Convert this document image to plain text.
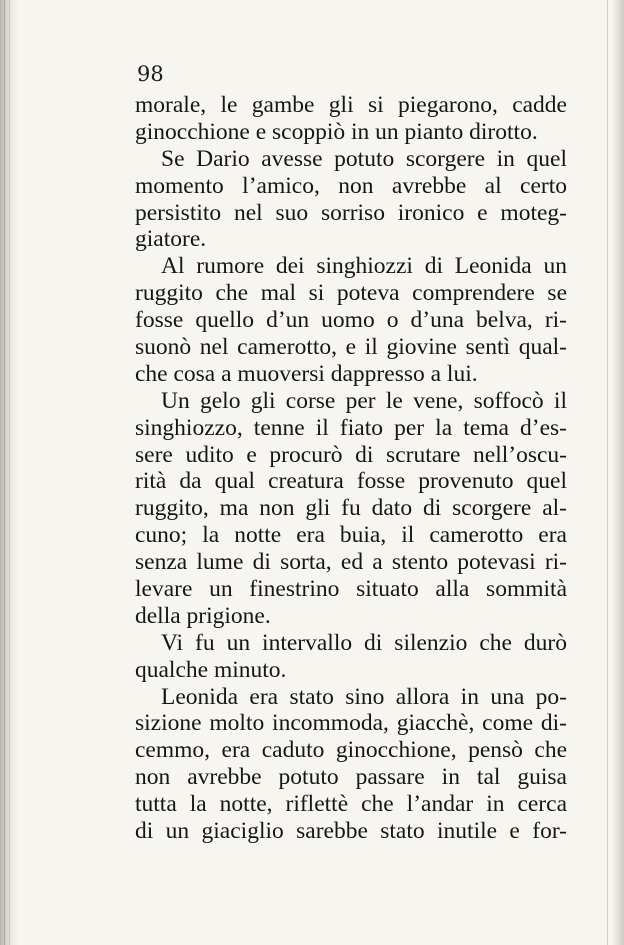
98
morale, le gambe gli si piegarono, cadde
ginocchione e scoppiò in un pianto dirotto.
Se Dario avesse potuto scorgere in quel
momento l’amico, non avrebbe al certo
persistito nel suo sorriso ironico e moteg-
giatore.
Al rumore dei singhiozzi di Leonida un
ruggito che mal si poteva comprendere se
fosse quello d’un uomo o d’una belva, ri-
suonò nel camerotto, e il giovine sentì qual-
che cosa a muoversi dappresso a lui.
Un gelo gli corse per le vene, soffocò il
singhiozzo, tenne il fiato per la tema d’es-
sere udito e procurò di scrutare nell’oscu-
rità da qual creatura fosse provenuto quel
ruggito, ma non gli fu dato di scorgere al-
cuno; la notte era buia, il camerotto era
senza lume di sorta, ed a stento potevasi ri-
levare un finestrino situato alla sommità
della prigione.
Vi fu un intervallo di silenzio che durò
qualche minuto.
Leonida era stato sino allora in una po-
sizione molto incommoda, giacchè, come di-
cemmo, era caduto ginocchione, pensò che
non avrebbe potuto passare in tal guisa
tutta la notte, riflettè che l’andar in cerca
di un giaciglio sarebbe stato inutile e for-
